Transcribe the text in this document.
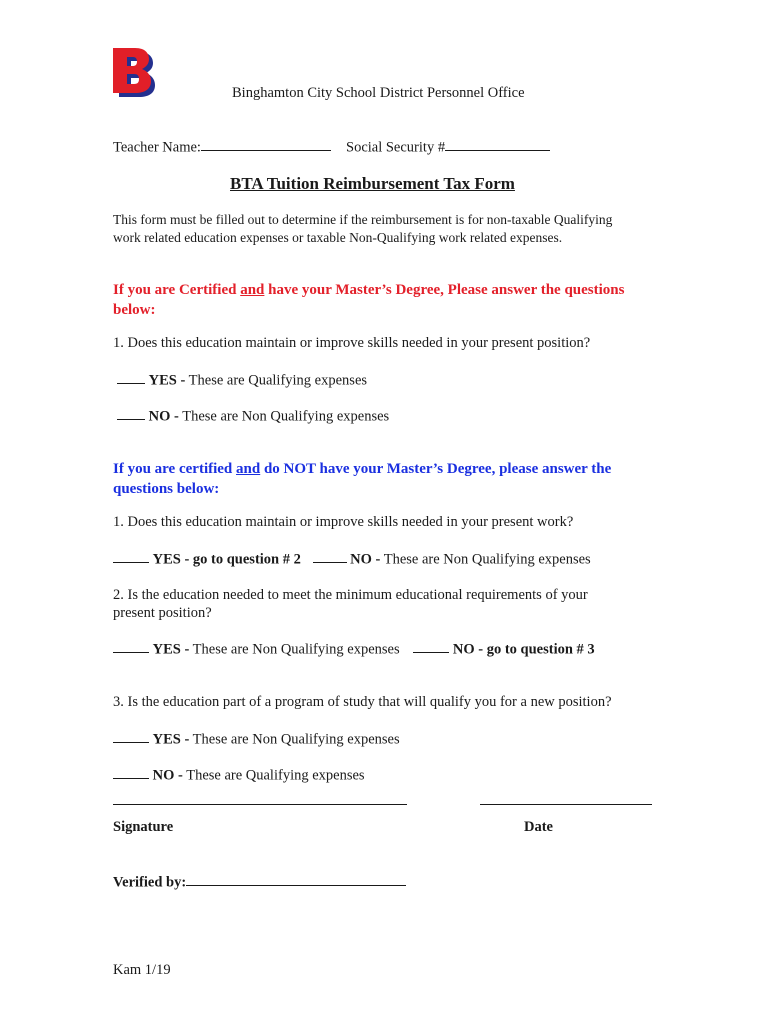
Binghamton City School District Personnel Office
Teacher Name:	Social Security #
BTA Tuition Reimbursement Tax Form
This form must be filled out to determine if the reimbursement is for non-taxable Qualifying work related education expenses or taxable Non-Qualifying work related expenses.
If you are Certified and have your Master’s Degree, Please answer the questions below:
1. Does this education maintain or improve skills needed in your present position?
YES - These are Qualifying expenses
NO - These are Non Qualifying expenses
If you are certified and do NOT have your Master’s Degree, please answer the questions below:
1. Does this education maintain or improve skills needed in your present work?
YES - go to question # 2	NO - These are Non Qualifying expenses
2. Is the education needed to meet the minimum educational requirements of your present position?
YES - These are Non Qualifying expenses	NO - go to question # 3
3. Is the education part of a program of study that will qualify you for a new position?
YES - These are Non Qualifying expenses
NO - These are Qualifying expenses
Signature	Date
Verified by:
Kam 1/19
